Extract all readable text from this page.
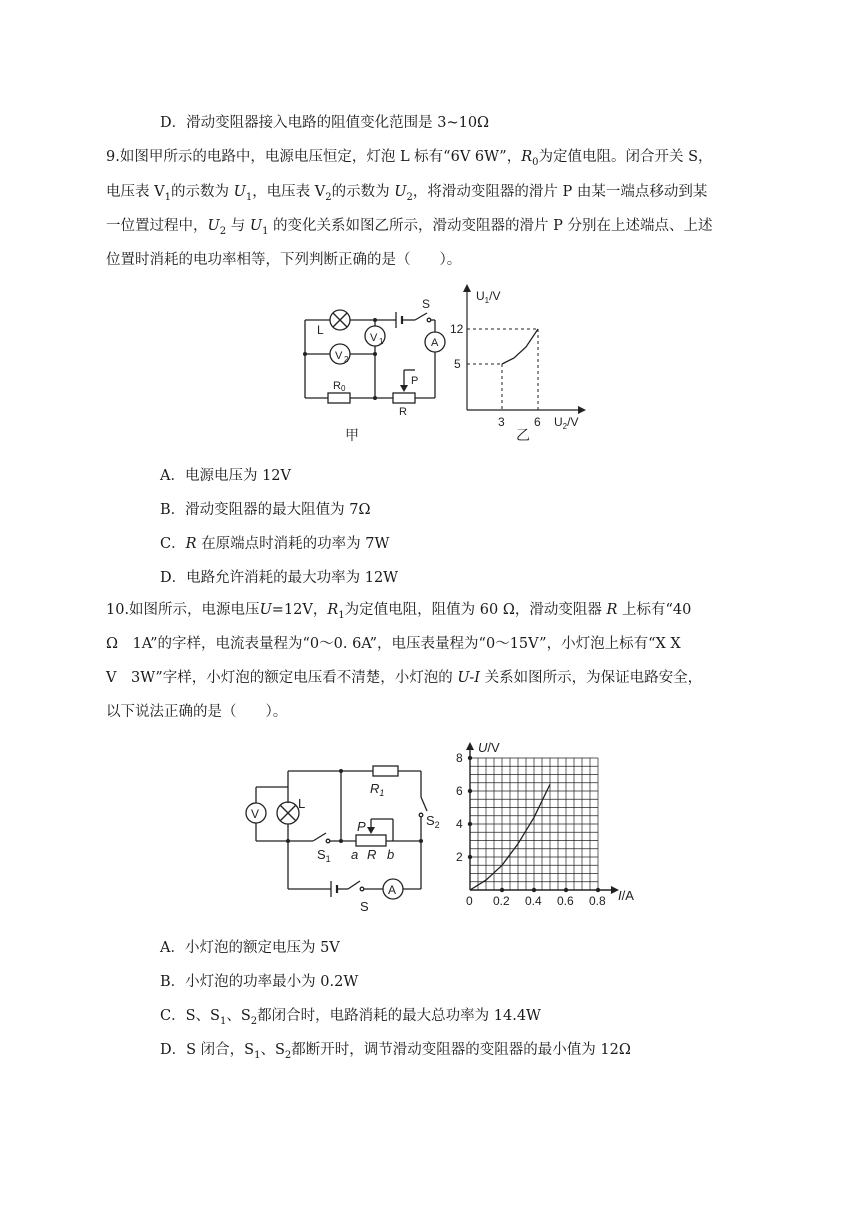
D．滑动变阻器接入电路的阻值变化范围是 3~10Ω
9.如图甲所示的电路中，电源电压恒定，灯泡 L 标有“6V 6W”，$R_0$为定值电阻。闭合开关 S，
电压表 $V_1$的示数为 $U_1$，电压表 $V_2$的示数为 $U_2$，将滑动变阻器的滑片 P 由某一端点移动到某
一位置过程中，$U_2$ 与 $U_1$ 的变化关系如图乙所示，滑动变阻器的滑片 P 分别在上述端点、上述
位置时消耗的电功率相等，下列判断正确的是（　　）。
L
V 1
V 2
S
A
R 0
P
R
甲
$U_1/V$
12
5
3 6 $U_2/V$
乙
A．电源电压为 12V
B．滑动变阻器的最大阻值为 7Ω
C．R 在原端点时消耗的功率为 7W
D．电路允许消耗的最大功率为 12W
10.如图所示，电源电压U=12V，$R_1$为定值电阻，阻值为 60 Ω，滑动变阻器 R 上标有“40
Ω　1A”的字样，电流表量程为“0～0. 6A”，电压表量程为“0～15V”，小灯泡上标有“X X
V　3W”字样，小灯泡的额定电压看不清楚，小灯泡的 U-I 关系如图所示，为保证电路安全，
以下说法正确的是（　　）。
V
L
$R_1$
$S_2$
$S_1$
P
a R b
S
A
0 0.2 0.4 0.6 0.8
2
4
6
8
U/V
I/A
A．小灯泡的额定电压为 5V
B．小灯泡的功率最小为 0.2W
C．S、$S_1$、$S_2$都闭合时，电路消耗的最大总功率为 14.4W
D．S 闭合，$S_1$、$S_2$都断开时，调节滑动变阻器的变阻器的最小值为 12Ω
